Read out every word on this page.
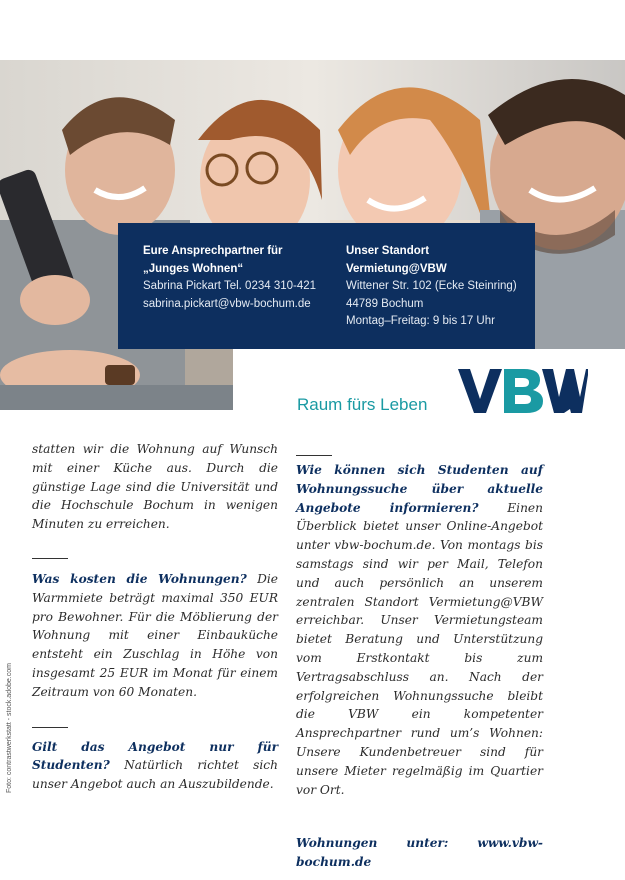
Eure Ansprechpartner für
„Junges Wohnen“
Sabrina Pickart Tel. 0234 310-421
sabrina.pickart@vbw-bochum.de
Unser Standort
Vermietung@VBW
Wittener Str. 102 (Ecke Steinring)
44789 Bochum
Montag–Freitag: 9 bis 17 Uhr
Raum fürs Leben

statten wir die Wohnung auf Wunsch mit einer Küche aus. Durch die günstige Lage sind die Universität und die Hochschule Bochum in wenigen Minuten zu erreichen.

Was kosten die Wohnungen? Die Warmmiete beträgt maximal 350 EUR pro Bewohner. Für die Möblierung der Wohnung mit einer Einbauküche entsteht ein Zuschlag in Höhe von insgesamt 25 EUR im Monat für einem Zeitraum von 60 Monaten.

Gilt das Angebot nur für Studenten? Natürlich richtet sich unser Angebot auch an Auszubildende.

Wie können sich Studenten auf Wohnungssuche über aktuelle Angebote informieren? Einen Überblick bietet unser Online-Angebot unter vbw-bochum.de. Von montags bis samstags sind wir per Mail, Telefon und auch persönlich an unserem zentralen Standort Vermietung@VBW erreichbar. Unser Vermietungsteam bietet Beratung und Unterstützung vom Erstkontakt bis zum Vertragsabschluss an. Nach der erfolgreichen Wohnungssuche bleibt die VBW ein kompetenter Ansprechpartner rund um’s Wohnen: Unsere Kundenbetreuer sind für unsere Mieter regelmäßig im Quartier vor Ort.

Wohnungen unter: www.vbw-bochum.de

Foto: contrastwerkstatt - stock.adobe.com
